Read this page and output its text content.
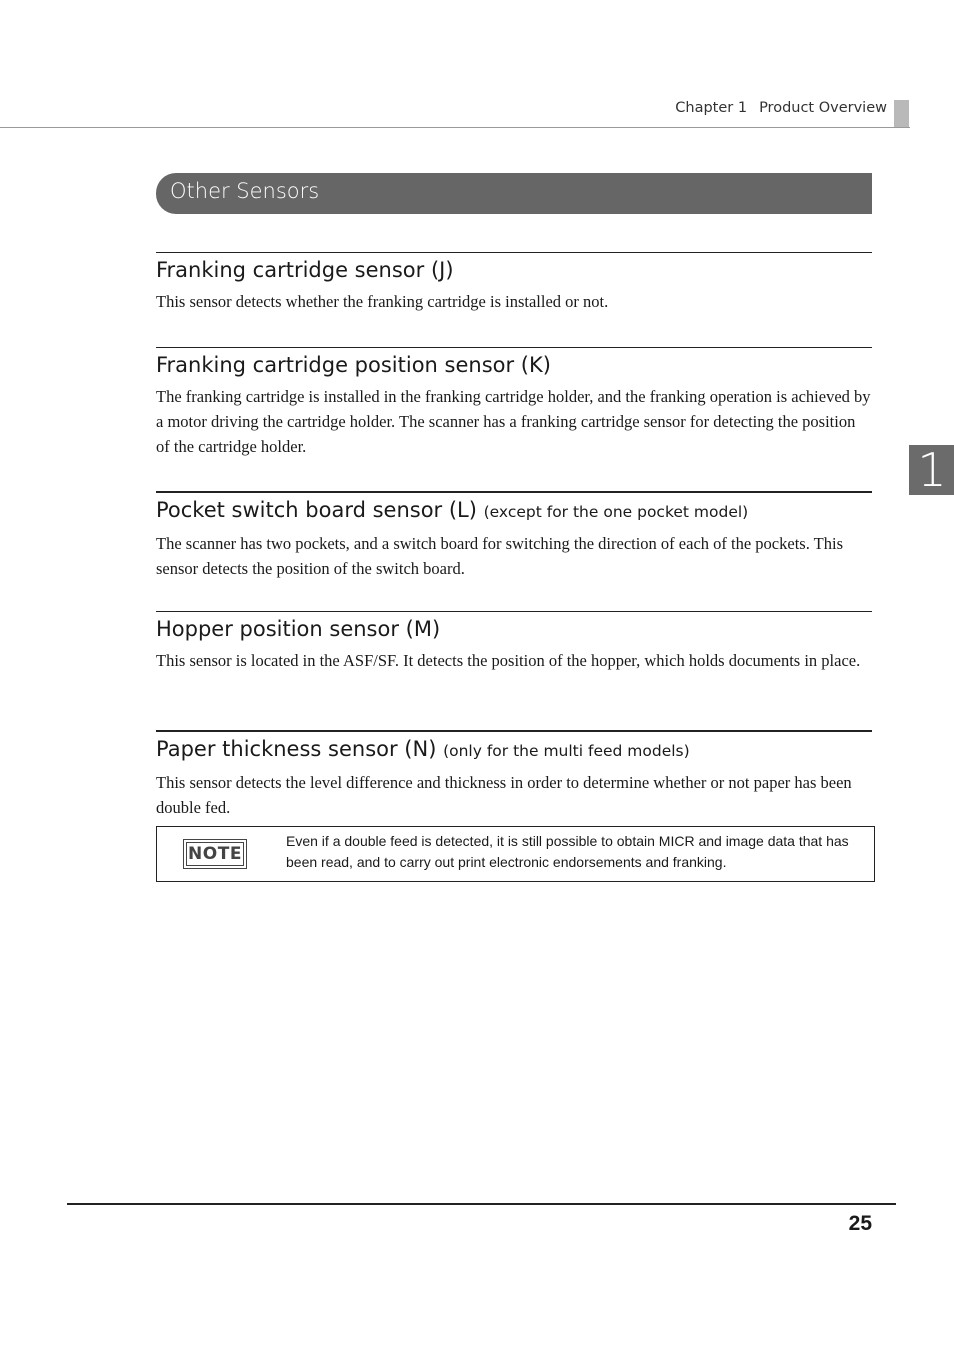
Chapter 1 Product Overview
1
Other Sensors
Franking cartridge sensor (J)
This sensor detects whether the franking cartridge is installed or not.
Franking cartridge position sensor (K)
The franking cartridge is installed in the franking cartridge holder, and the franking operation is achieved by a motor driving the cartridge holder. The scanner has a franking cartridge sensor for detecting the position of the cartridge holder.
Pocket switch board sensor (L) (except for the one pocket model)
The scanner has two pockets, and a switch board for switching the direction of each of the pockets. This sensor detects the position of the switch board.
Hopper position sensor (M)
This sensor is located in the ASF/SF. It detects the position of the hopper, which holds documents in place.
Paper thickness sensor (N) (only for the multi feed models)
This sensor detects the level difference and thickness in order to determine whether or not paper has been double fed.
NOTE
Even if a double feed is detected, it is still possible to obtain MICR and image data that has been read, and to carry out print electronic endorsements and franking.
25
